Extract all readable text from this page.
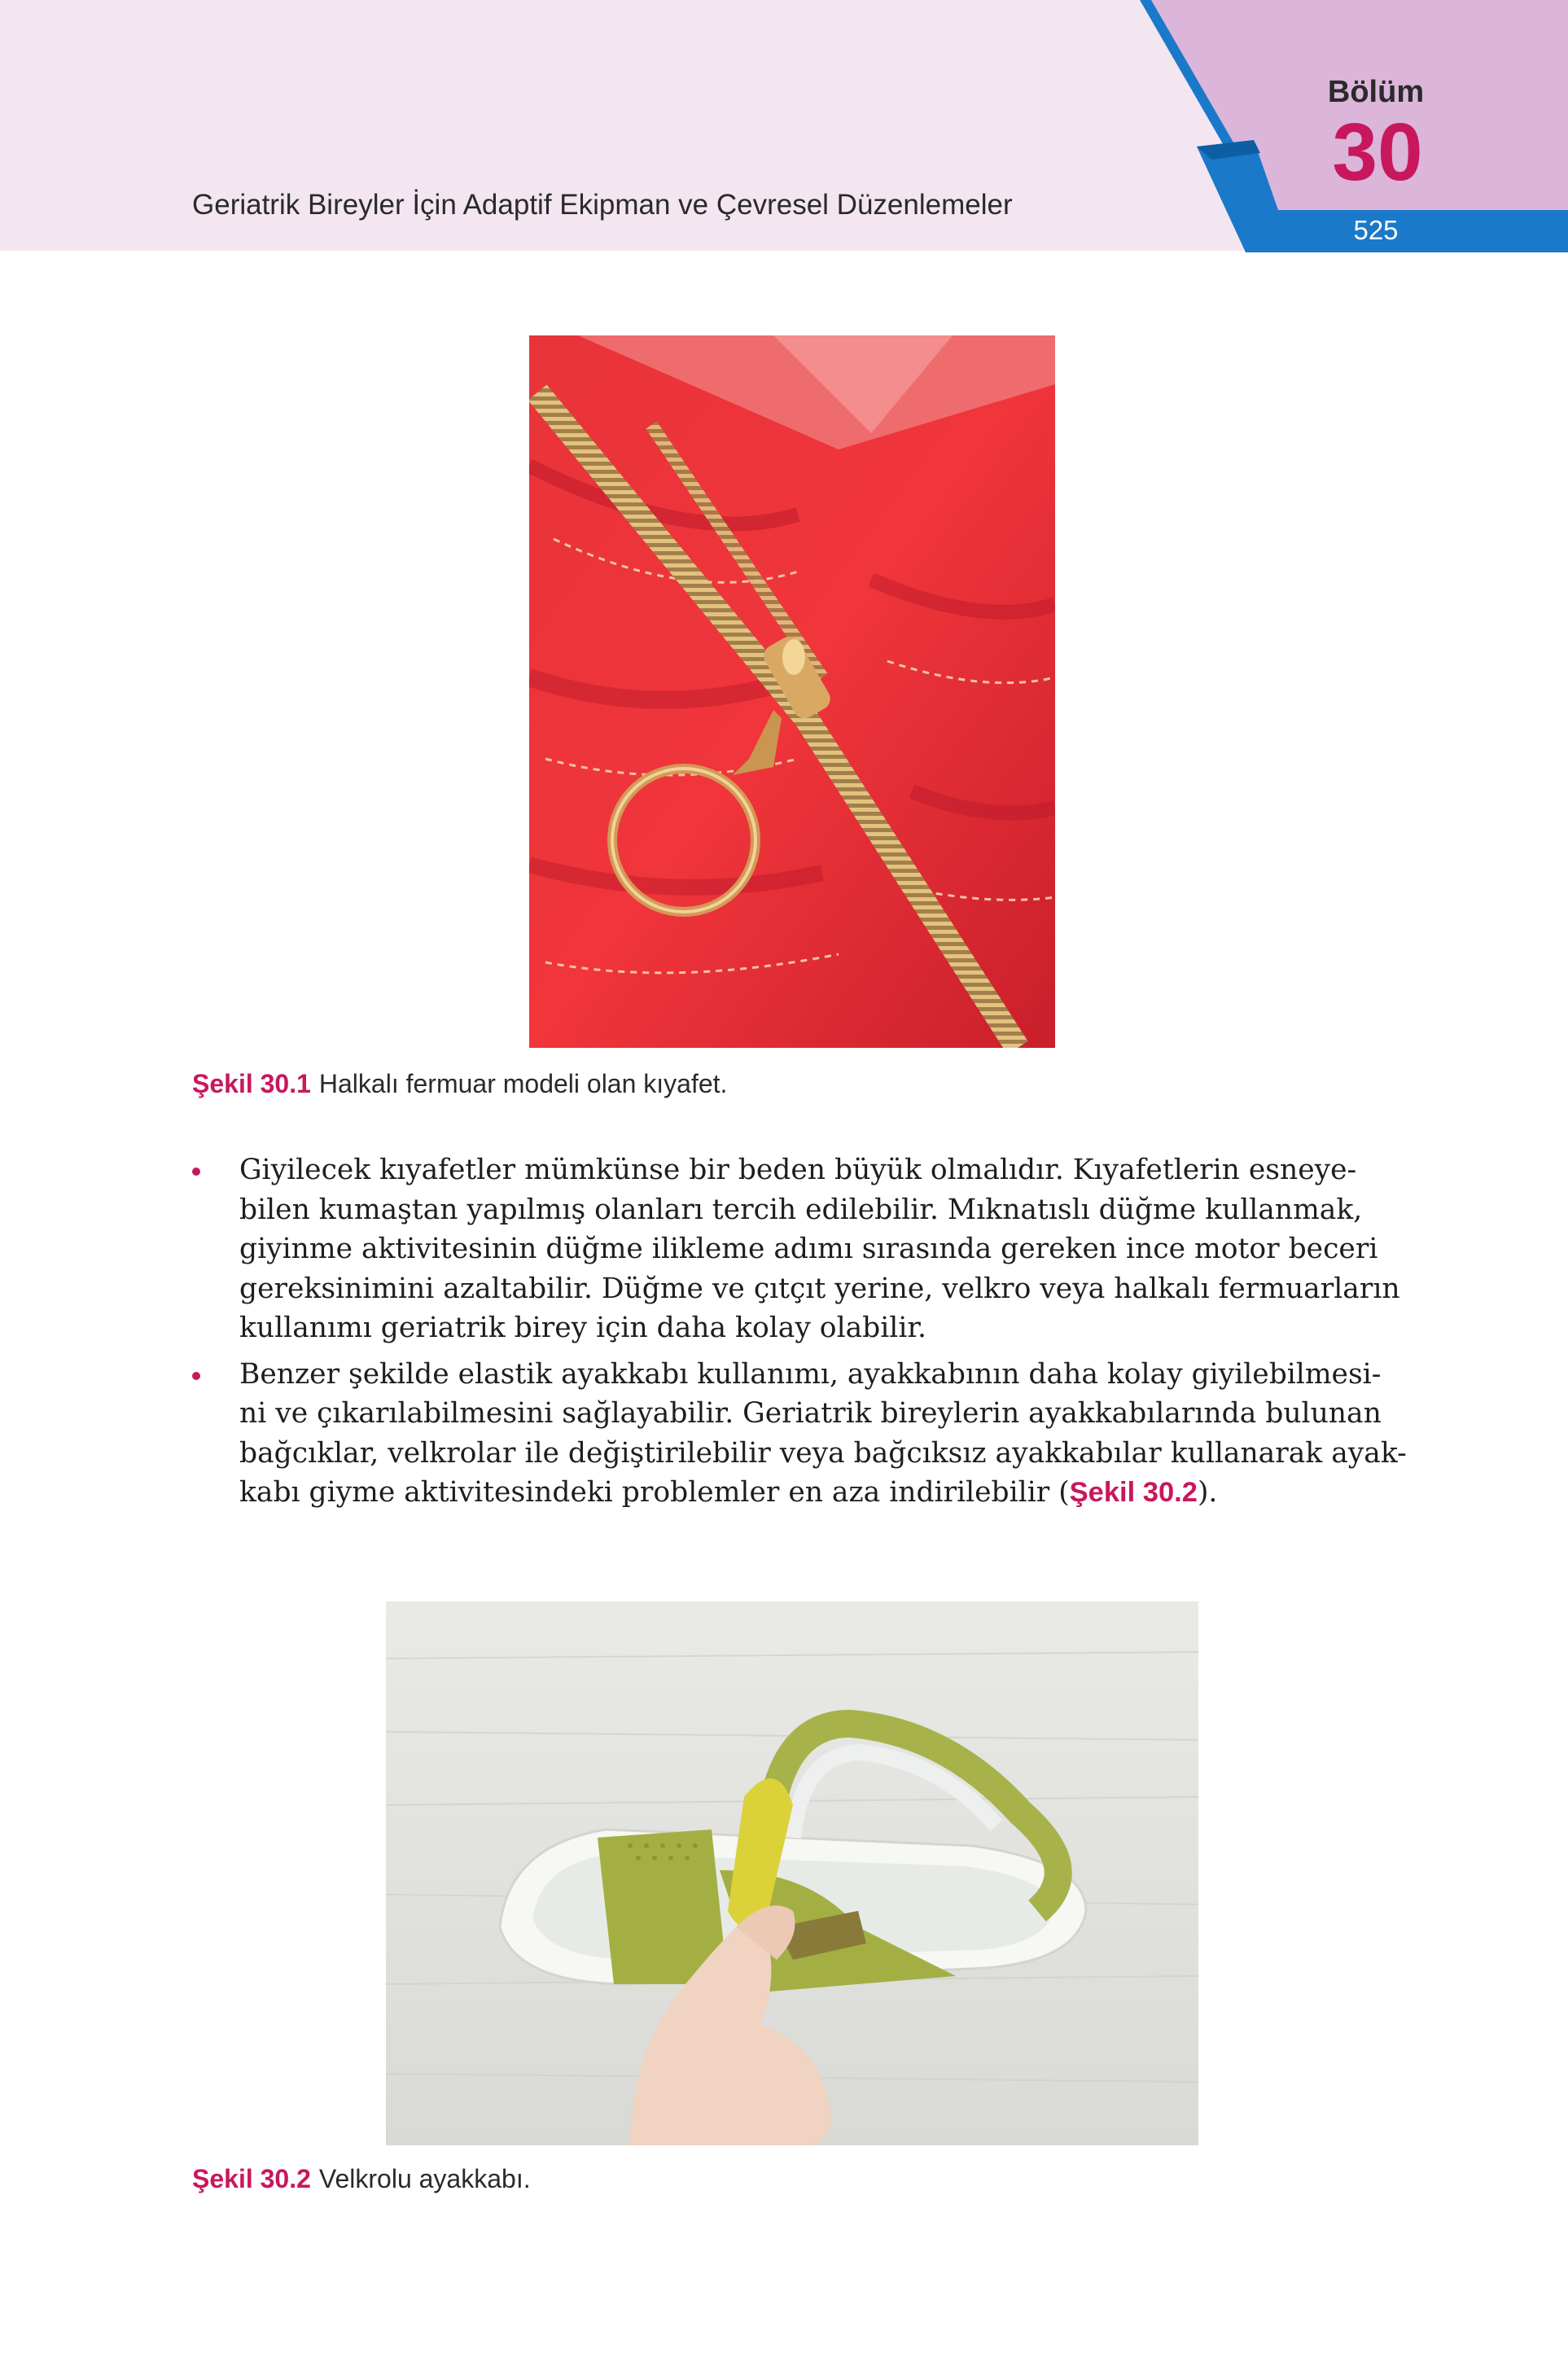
Geriatrik Bireyler İçin Adaptif Ekipman ve Çevresel Düzenlemeler
Bölüm
30
525
Şekil 30.1 Halkalı fermuar modeli olan kıyafet.
Giyilecek kıyafetler mümkünse bir beden büyük olmalıdır. Kıyafetlerin esneye-
bilen kumaştan yapılmış olanları tercih edilebilir. Mıknatıslı düğme kullanmak,
giyinme aktivitesinin düğme ilikleme adımı sırasında gereken ince motor beceri
gereksinimini azaltabilir. Düğme ve çıtçıt yerine, velkro veya halkalı fermuarların
kullanımı geriatrik birey için daha kolay olabilir.
Benzer şekilde elastik ayakkabı kullanımı, ayakkabının daha kolay giyilebilmesi-
ni ve çıkarılabilmesini sağlayabilir. Geriatrik bireylerin ayakkabılarında bulunan
bağcıklar, velkrolar ile değiştirilebilir veya bağcıksız ayakkabılar kullanarak ayak-
kabı giyme aktivitesindeki problemler en aza indirilebilir (Şekil 30.2).
Şekil 30.2 Velkrolu ayakkabı.
